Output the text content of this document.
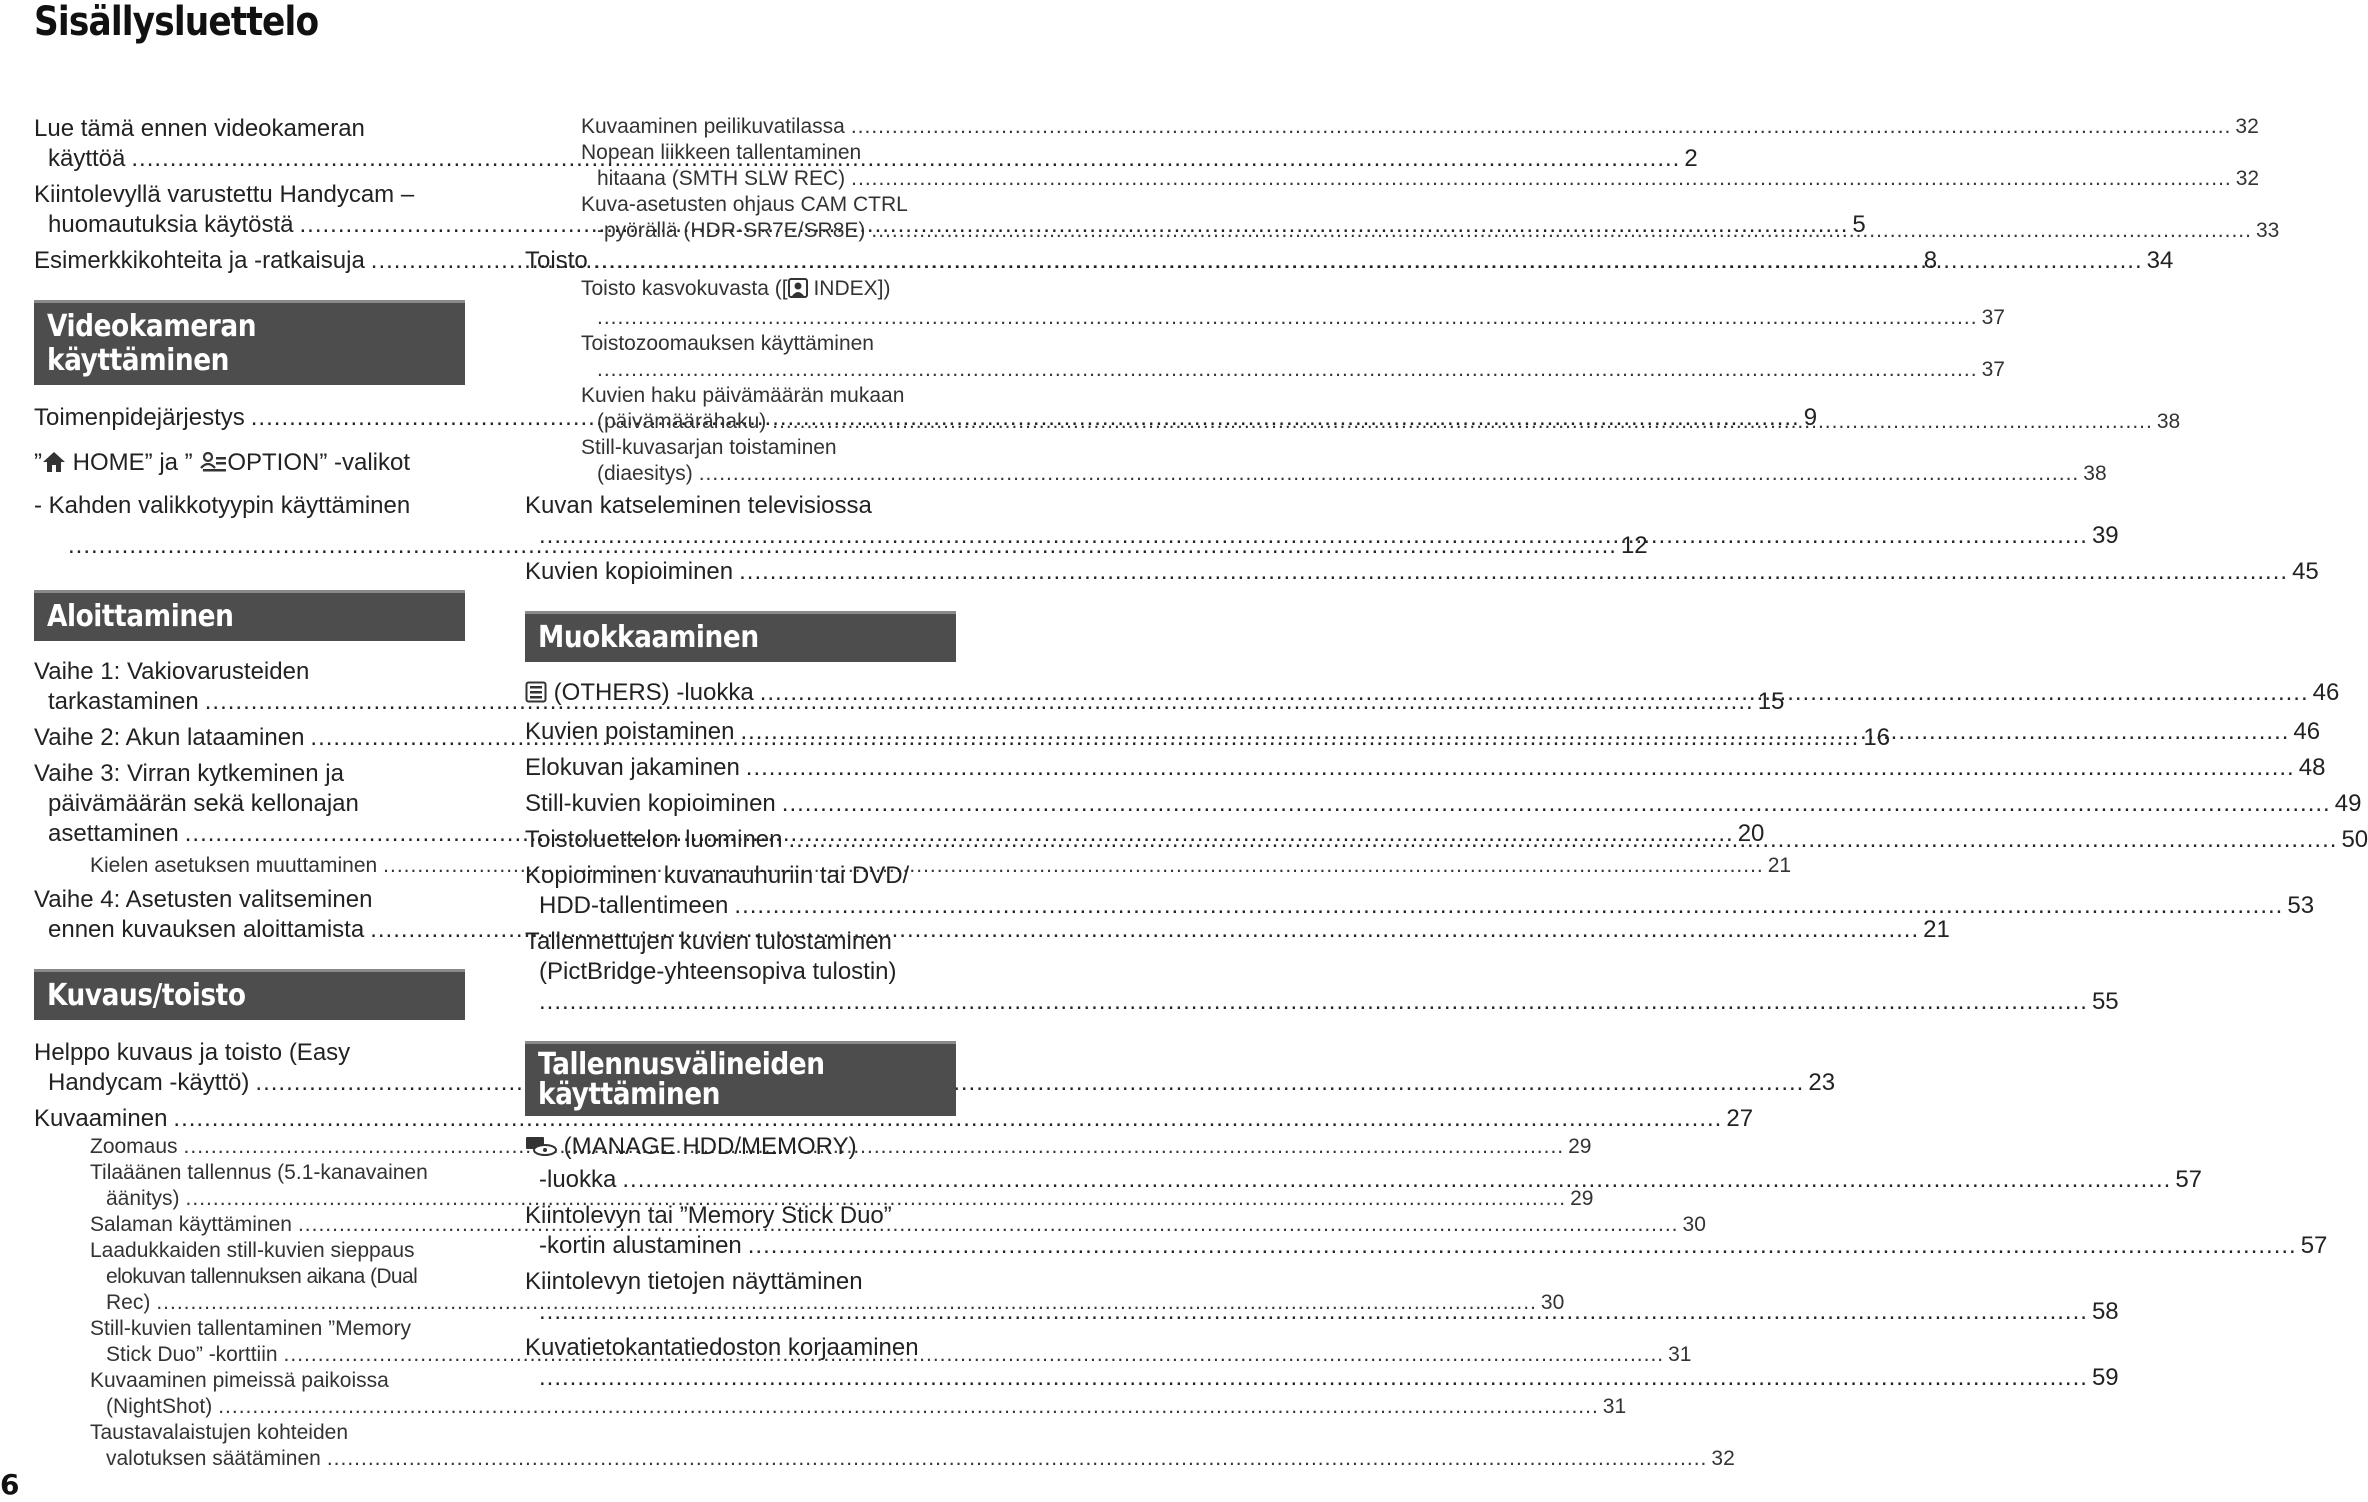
Sisällysluettelo
Lue tämä ennen videokameran
käyttöä .....	2
Kiintolevyllä varustettu Handycam –
huomautuksia käytöstä .....	5
Esimerkkikohteita ja -ratkaisuja .....	8
Videokameran käyttäminen
Toimenpidejärjestys .....	9
” HOME” ja ” OPTION” -valikot
- Kahden valikkotyypin käyttäminen
..... 12
Aloittaminen
Vaihe 1: Vakiovarusteiden
tarkastaminen .....	15
Vaihe 2: Akun lataaminen .....	16
Vaihe 3: Virran kytkeminen ja
päivämäärän sekä kellonajan
asettaminen .....	20
Kielen asetuksen muuttaminen .....	21
Vaihe 4: Asetusten valitseminen
ennen kuvauksen aloittamista .....	21
Kuvaus/toisto
Helppo kuvaus ja toisto (Easy
Handycam -käyttö) .....	23
Kuvaaminen .....	27
Zoomaus .....	29
Tilaäänen tallennus (5.1-kanavainen
äänitys) .....	29
Salaman käyttäminen .....	30
Laadukkaiden still-kuvien sieppaus
elokuvan tallennuksen aikana (Dual
Rec) .....	30
Still-kuvien tallentaminen ”Memory
Stick Duo” -korttiin .....	31
Kuvaaminen pimeissä paikoissa
(NightShot) .....	31
Taustavalaistujen kohteiden
valotuksen säätäminen .....	32
Kuvaaminen peilikuvatilassa .....	32
Nopean liikkeen tallentaminen
hitaana (SMTH SLW REC) .....	32
Kuva-asetusten ohjaus CAM CTRL
-pyörällä (HDR-SR7E/SR8E) .....	33
Toisto .....	34
Toisto kasvokuvasta ([ INDEX])
..... 37
Toistozoomauksen käyttäminen
..... 37
Kuvien haku päivämäärän mukaan
(päivämäärähaku) .....	38
Still-kuvasarjan toistaminen
(diaesitys) .....	38
Kuvan katseleminen televisiossa
..... 39
Kuvien kopioiminen .....	45
Muokkaaminen
(OTHERS) -luokka .....	46
Kuvien poistaminen .....	46
Elokuvan jakaminen .....	48
Still-kuvien kopioiminen .....	49
Toistoluettelon luominen .....	50
Kopioiminen kuvanauhuriin tai DVD/
HDD-tallentimeen .....	53
Tallennettujen kuvien tulostaminen
(PictBridge-yhteensopiva tulostin)
..... 55
Tallennusvälineiden
käyttäminen
(MANAGE HDD/MEMORY)
-luokka .....	57
Kiintolevyn tai ”Memory Stick Duo”
-kortin alustaminen .....	57
Kiintolevyn tietojen näyttäminen
..... 58
Kuvatietokantatiedoston korjaaminen
..... 59
6
